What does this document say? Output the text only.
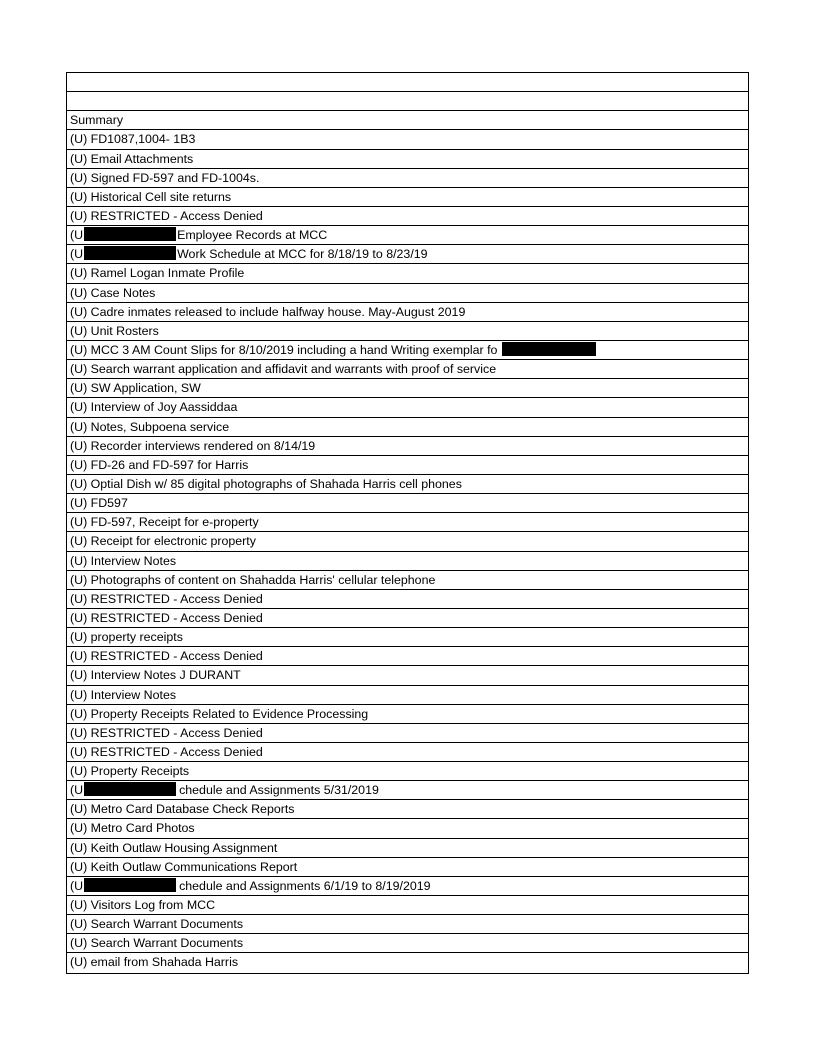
Summary
(U) FD1087,1004- 1B3
(U) Email Attachments
(U) Signed FD-597 and FD-1004s.
(U) Historical Cell site returns
(U) RESTRICTED - Access Denied
(U	Employee Records at MCC
(U	Work Schedule at MCC for 8/18/19 to 8/23/19
(U) Ramel Logan Inmate Profile
(U) Case Notes
(U) Cadre inmates released to include halfway house. May-August 2019
(U) Unit Rosters
(U) MCC 3 AM Count Slips for 8/10/2019 including a hand Writing exemplar fo
(U) Search warrant application and affidavit and warrants with proof of service
(U) SW Application, SW
(U) Interview of Joy Aassiddaa
(U) Notes, Subpoena service
(U) Recorder interviews rendered on 8/14/19
(U) FD-26 and FD-597 for Harris
(U) Optial Dish w/ 85 digital photographs of Shahada Harris cell phones
(U) FD597
(U) FD-597, Receipt for e-property
(U) Receipt for electronic property
(U) Interview Notes
(U) Photographs of content on Shahadda Harris' cellular telephone
(U) RESTRICTED - Access Denied
(U) RESTRICTED - Access Denied
(U) property receipts
(U) RESTRICTED - Access Denied
(U) Interview Notes J DURANT
(U) Interview Notes
(U) Property Receipts Related to Evidence Processing
(U) RESTRICTED - Access Denied
(U) RESTRICTED - Access Denied
(U) Property Receipts
(U	chedule and Assignments 5/31/2019
(U) Metro Card Database Check Reports
(U) Metro Card Photos
(U) Keith Outlaw Housing Assignment
(U) Keith Outlaw Communications Report
(U	chedule and Assignments 6/1/19 to 8/19/2019
(U) Visitors Log from MCC
(U) Search Warrant Documents
(U) Search Warrant Documents
(U) email from Shahada Harris
